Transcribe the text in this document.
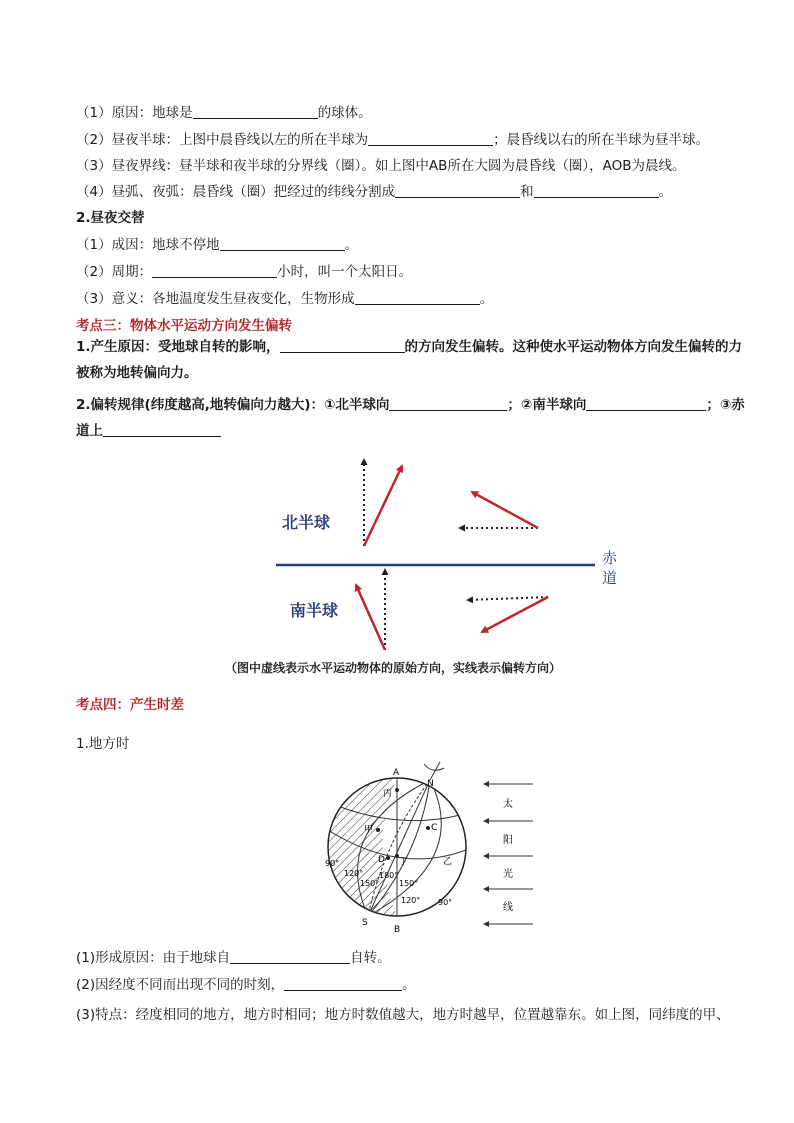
（1）原因：地球是	的球体。
（2）昼夜半球：上图中晨昏线以左的所在半球为	；晨昏线以右的所在半球为昼半球。
（3）昼夜界线：昼半球和夜半球的分界线（圈）。如上图中AB所在大圆为晨昏线（圈），AOB为晨线。
（4）昼弧、夜弧：晨昏线（圈）把经过的纬线分割成	和	。
2.昼夜交替
（1）成因：地球不停地	。
（2）周期：	小时，叫一个太阳日。
（3）意义：各地温度发生昼夜变化，生物形成	。
考点三：物体水平运动方向发生偏转
1.产生原因：受地球自转的影响，	的方向发生偏转。这种使水平运动物体方向发生偏转的力
被称为地转偏向力。
2.偏转规律(纬度越高,地转偏向力越大)：①北半球向	；②南半球向	；③赤
道上
赤
道
北半球
南半球
（图中虚线表示水平运动物体的原始方向，实线表示偏转方向）
考点四：产生时差
1.地方时
A
B
N
S
C
D
丙
甲
丁	乙
90°
120°
150°
180°
150°
120° 90°
太
阳
光
线
(1)形成原因：由于地球自	自转。
(2)因经度不同而出现不同的时刻，	。
(3)特点：经度相同的地方，地方时相同；地方时数值越大，地方时越早，位置越靠东。如上图，同纬度的甲、
